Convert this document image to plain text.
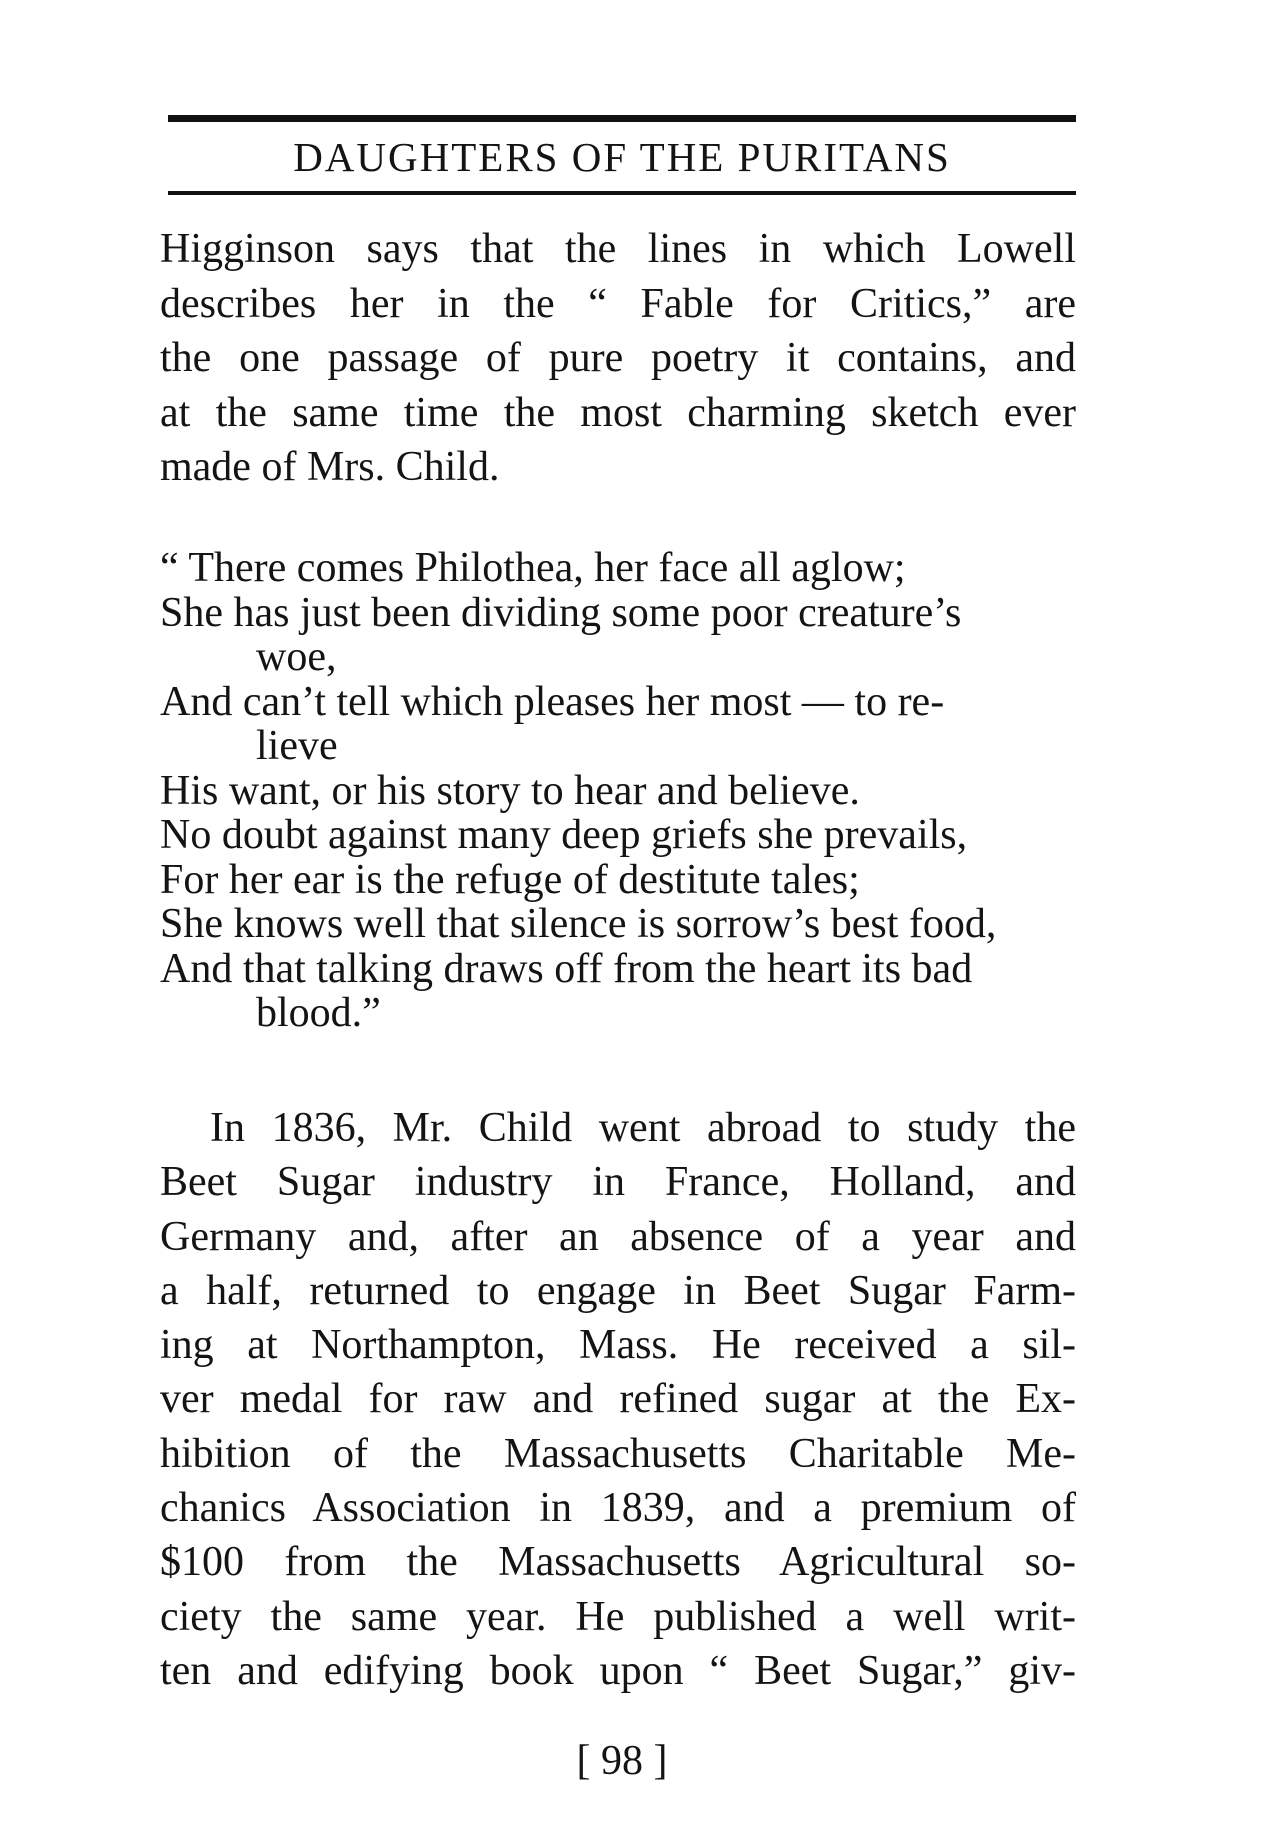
DAUGHTERS OF THE PURITANS
Higginson says that the lines in which Lowell
describes her in the “ Fable for Critics,” are
the one passage of pure poetry it contains, and
at the same time the most charming sketch ever
made of Mrs. Child.
“ There comes Philothea, her face all aglow;
She has just been dividing some poor creature’s
woe,
And can’t tell which pleases her most — to re-
lieve
His want, or his story to hear and believe.
No doubt against many deep griefs she prevails,
For her ear is the refuge of destitute tales;
She knows well that silence is sorrow’s best food,
And that talking draws off from the heart its bad
blood.”
In 1836, Mr. Child went abroad to study the
Beet Sugar industry in France, Holland, and
Germany and, after an absence of a year and
a half, returned to engage in Beet Sugar Farm-
ing at Northampton, Mass. He received a sil-
ver medal for raw and refined sugar at the Ex-
hibition of the Massachusetts Charitable Me-
chanics Association in 1839, and a premium of
$100 from the Massachusetts Agricultural so-
ciety the same year. He published a well writ-
ten and edifying book upon “ Beet Sugar,” giv-
[ 98 ]
